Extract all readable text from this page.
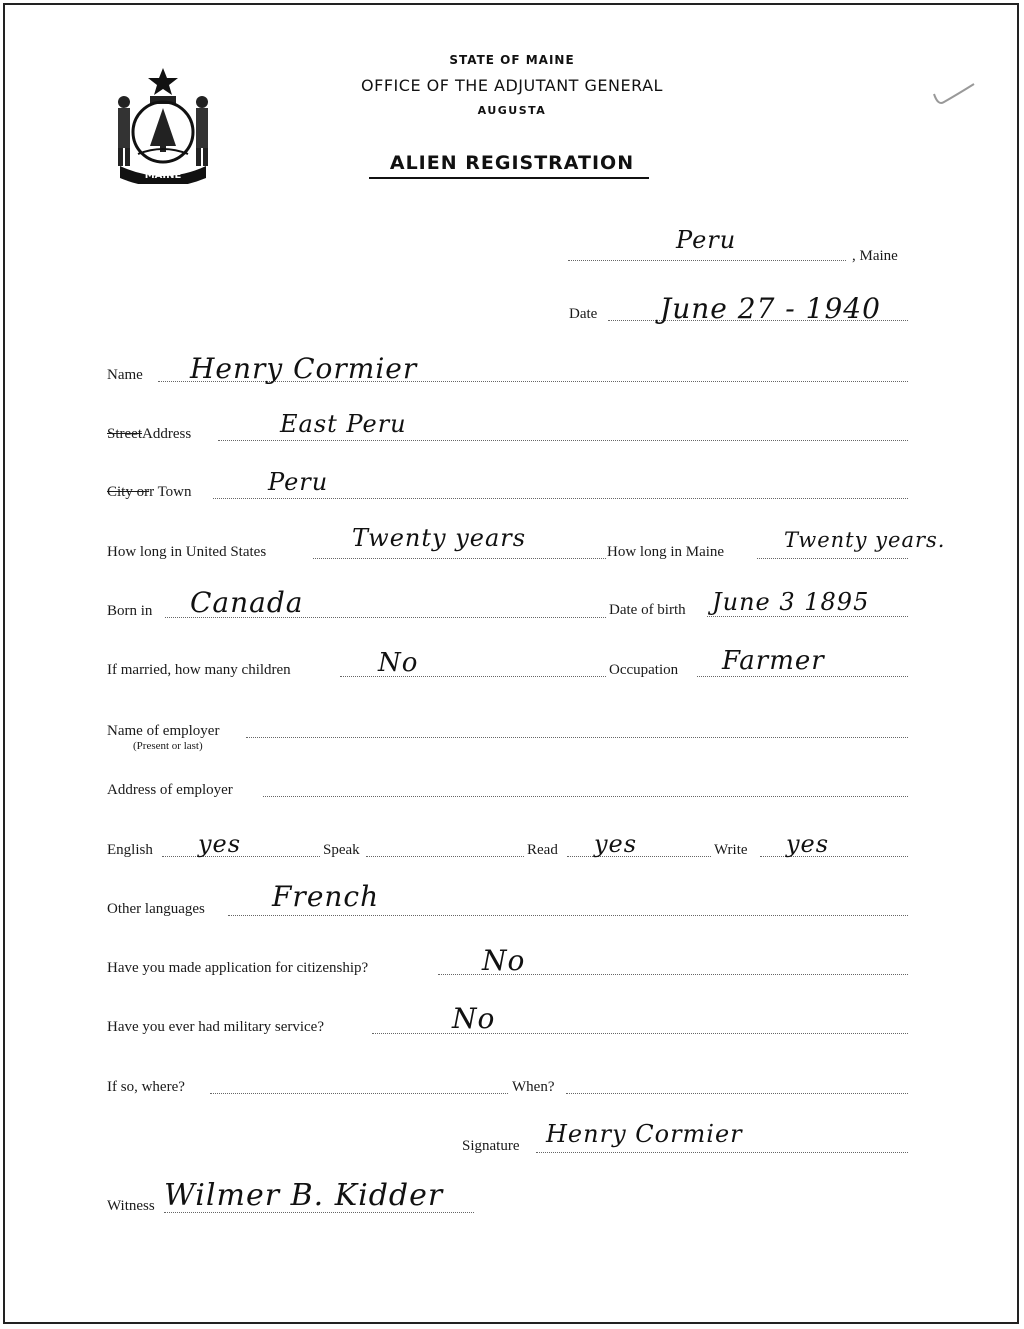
STATE OF MAINE
OFFICE OF THE ADJUTANT GENERAL
AUGUSTA
ALIEN REGISTRATION
MAINE
Peru
, Maine
Date June 27 - 1940
Name Henry Cormier
StreetAddress	East Peru
City orr Town	Peru
How long in United States	Twenty years	How long in Maine	Twenty years.
Born in Canada	Date of birth June 3 1895
If married, how many children	No	Occupation Farmer
Name of employer
(Present or last)
Address of employer
English yes	Speak	Read yes	Write yes
Other languages French
Have you made application for citizenship?	No
Have you ever had military service?	No
If so, where?	When?
Signature Henry Cormier
Witness Wilmer B. Kidder
